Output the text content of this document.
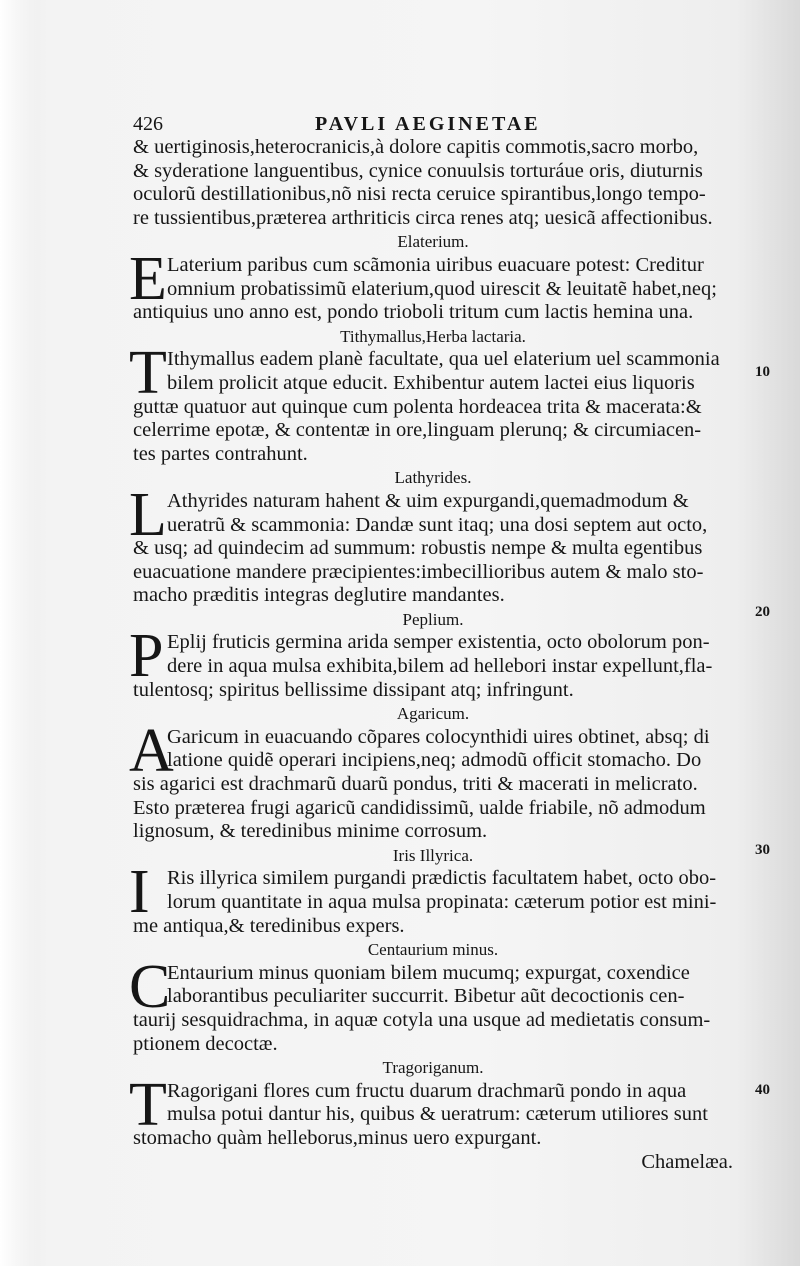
426	PAVLI AEGINETAE
& uertiginosis,heterocranicis,à dolore capitis commotis,sacro morbo,
& syderatione languentibus, cynice conuulsis torturáue oris, diuturnis
oculorũ destillationibus,nõ nisi recta ceruice spirantibus,longo tempo-
re tussientibus,præterea arthriticis circa renes atq; uesicã affectionibus.
Elaterium.
E Laterium paribus cum scãmonia uiribus euacuare potest: Creditur
omnium probatissimũ elaterium,quod uirescit & leuitatẽ habet,neq;
antiquius uno anno est, pondo trioboli tritum cum lactis hemina una.
Tithymallus,Herba lactaria.
T Ithymallus eadem planè facultate, qua uel elaterium uel scammonia
bilem prolicit atque educit. Exhibentur autem lactei eius liquoris
guttæ quatuor aut quinque cum polenta hordeacea trita & macerata:&
celerrime epotæ, & contentæ in ore,linguam plerunq; & circumiacen-
tes partes contrahunt.
Lathyrides.
L Athyrides naturam hahent & uim expurgandi,quemadmodum &
ueratrũ & scammonia: Dandæ sunt itaq; una dosi septem aut octo,
& usq; ad quindecim ad summum: robustis nempe & multa egentibus
euacuatione mandere præcipientes:imbecillioribus autem & malo sto-
macho præditis integras deglutire mandantes.
Peplium.
P Eplij fruticis germina arida semper existentia, octo obolorum pon-
dere in aqua mulsa exhibita,bilem ad hellebori instar expellunt,fla-
tulentosq; spiritus bellissime dissipant atq; infringunt.
Agaricum.
A
Garicum in euacuando cõpares colocynthidi uires obtinet, absq; di
latione quidẽ operari incipiens,neq; admodũ officit stomacho. Do
sis agarici est drachmarũ duarũ pondus, triti & macerati in melicrato.
Esto præterea frugi agaricũ candidissimũ, ualde friabile, nõ admodum
lignosum, & teredinibus minime corrosum.
Iris Illyrica.
I Ris illyrica similem purgandi prædictis facultatem habet, octo obo-
lorum quantitate in aqua mulsa propinata: cæterum potior est mini-
me antiqua,& teredinibus expers.
Centaurium minus.
C
Entaurium minus quoniam bilem mucumq; expurgat, coxendice
laborantibus peculiariter succurrit. Bibetur aũt decoctionis cen-
taurij sesquidrachma, in aquæ cotyla una usque ad medietatis consum-
ptionem decoctæ.
Tragoriganum.
T Ragorigani flores cum fructu duarum drachmarũ pondo in aqua
mulsa potui dantur his, quibus & ueratrum: cæterum utiliores sunt
stomacho quàm helleborus,minus uero expurgant.
Chamelæa.
10
20
30
40
